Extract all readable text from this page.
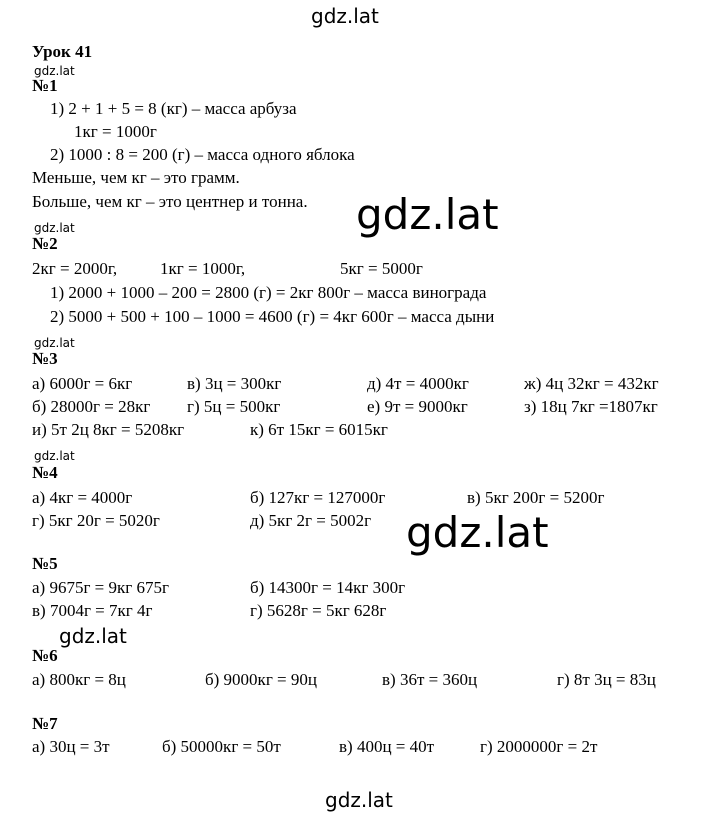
gdz.lat
gdz.lat
gdz.lat
gdz.lat
gdz.lat
gdz.lat
gdz.lat
gdz.lat
gdz.lat
Урок 41
№1
1) 2 + 1 + 5 = 8 (кг) – масса арбуза
1кг = 1000г
2) 1000 : 8 = 200 (г) – масса одного яблока
Меньше, чем кг – это грамм.
Больше, чем кг – это центнер и тонна.
№2
2кг = 2000г,	1кг = 1000г,	5кг = 5000г
1) 2000 + 1000 – 200 = 2800 (г) = 2кг 800г – масса винограда
2) 5000 + 500 + 100 – 1000 = 4600 (г) = 4кг 600г – масса дыни
№3
а) 6000г = 6кг	в) 3ц = 300кг	д) 4т = 4000кг	ж) 4ц 32кг = 432кг
б) 28000г = 28кг г) 5ц = 500кг	е) 9т = 9000кг	з) 18ц 7кг =1807кг
и) 5т 2ц 8кг = 5208кг	к) 6т 15кг = 6015кг
№4
а) 4кг = 4000г	б) 127кг = 127000г	в) 5кг 200г = 5200г
г) 5кг 20г = 5020г	д) 5кг 2г = 5002г
№5
а) 9675г = 9кг 675г	б) 14300г = 14кг 300г
в) 7004г = 7кг 4г	г) 5628г = 5кг 628г
№6
а) 800кг = 8ц	б) 9000кг = 90ц	в) 36т = 360ц	г) 8т 3ц = 83ц
№7
а) 30ц = 3т	б) 50000кг = 50т	в) 400ц = 40т	г) 2000000г = 2т
